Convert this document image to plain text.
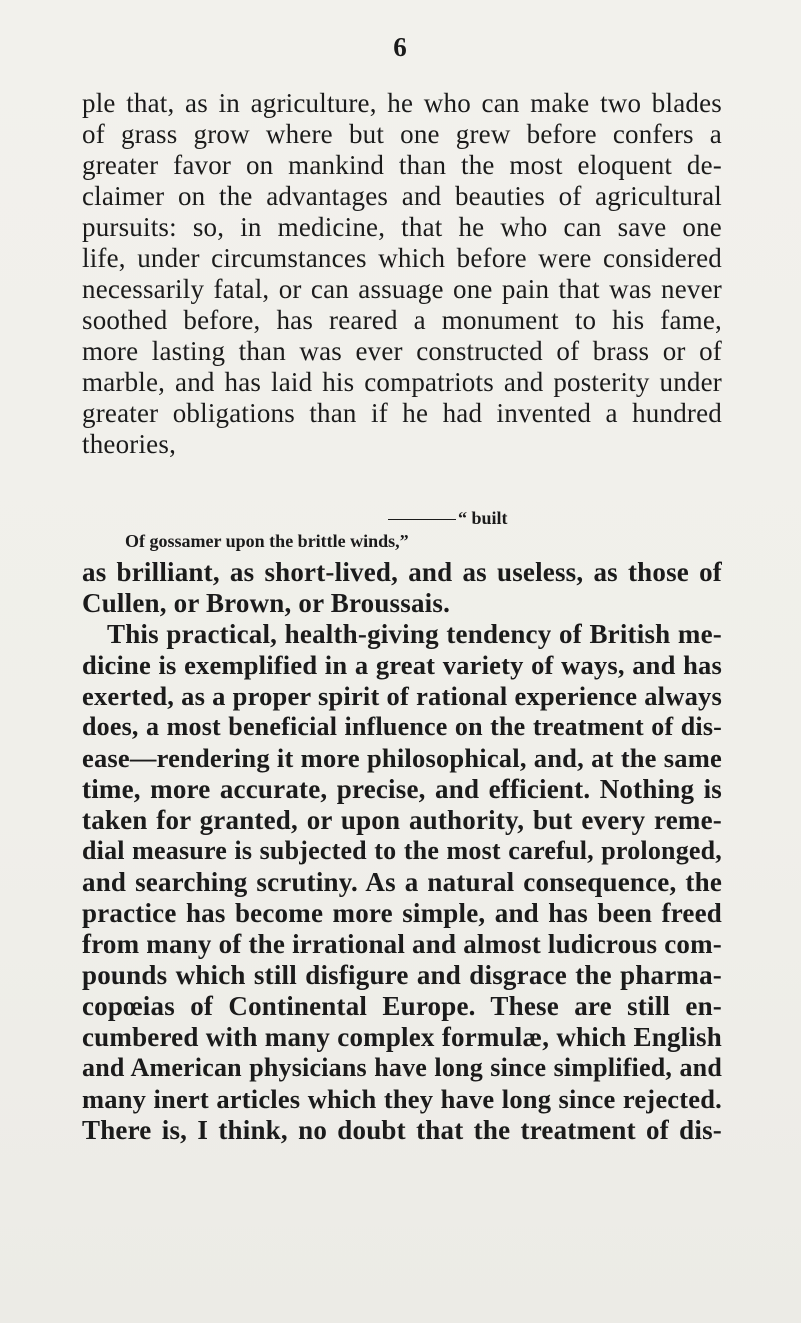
6
ple that, as in agriculture, he who can make two blades
of grass grow where but one grew before confers a
greater favor on mankind than the most eloquent de-
claimer on the advantages and beauties of agricultural
pursuits: so, in medicine, that he who can save one
life, under circumstances which before were considered
necessarily fatal, or can assuage one pain that was never
soothed before, has reared a monument to his fame,
more lasting than was ever constructed of brass or of
marble, and has laid his compatriots and posterity under
greater obligations than if he had invented a hundred
theories,
“ built
Of gossamer upon the brittle winds,”
as brilliant, as short-lived, and as useless, as those of
Cullen, or Brown, or Broussais.
This practical, health-giving tendency of British me-
dicine is exemplified in a great variety of ways, and has
exerted, as a proper spirit of rational experience always
does, a most beneficial influence on the treatment of dis-
ease—rendering it more philosophical, and, at the same
time, more accurate, precise, and efficient. Nothing is
taken for granted, or upon authority, but every reme-
dial measure is subjected to the most careful, prolonged,
and searching scrutiny. As a natural consequence, the
practice has become more simple, and has been freed
from many of the irrational and almost ludicrous com-
pounds which still disfigure and disgrace the pharma-
copœias of Continental Europe. These are still en-
cumbered with many complex formulæ, which English
and American physicians have long since simplified, and
many inert articles which they have long since rejected.
There is, I think, no doubt that the treatment of dis-
